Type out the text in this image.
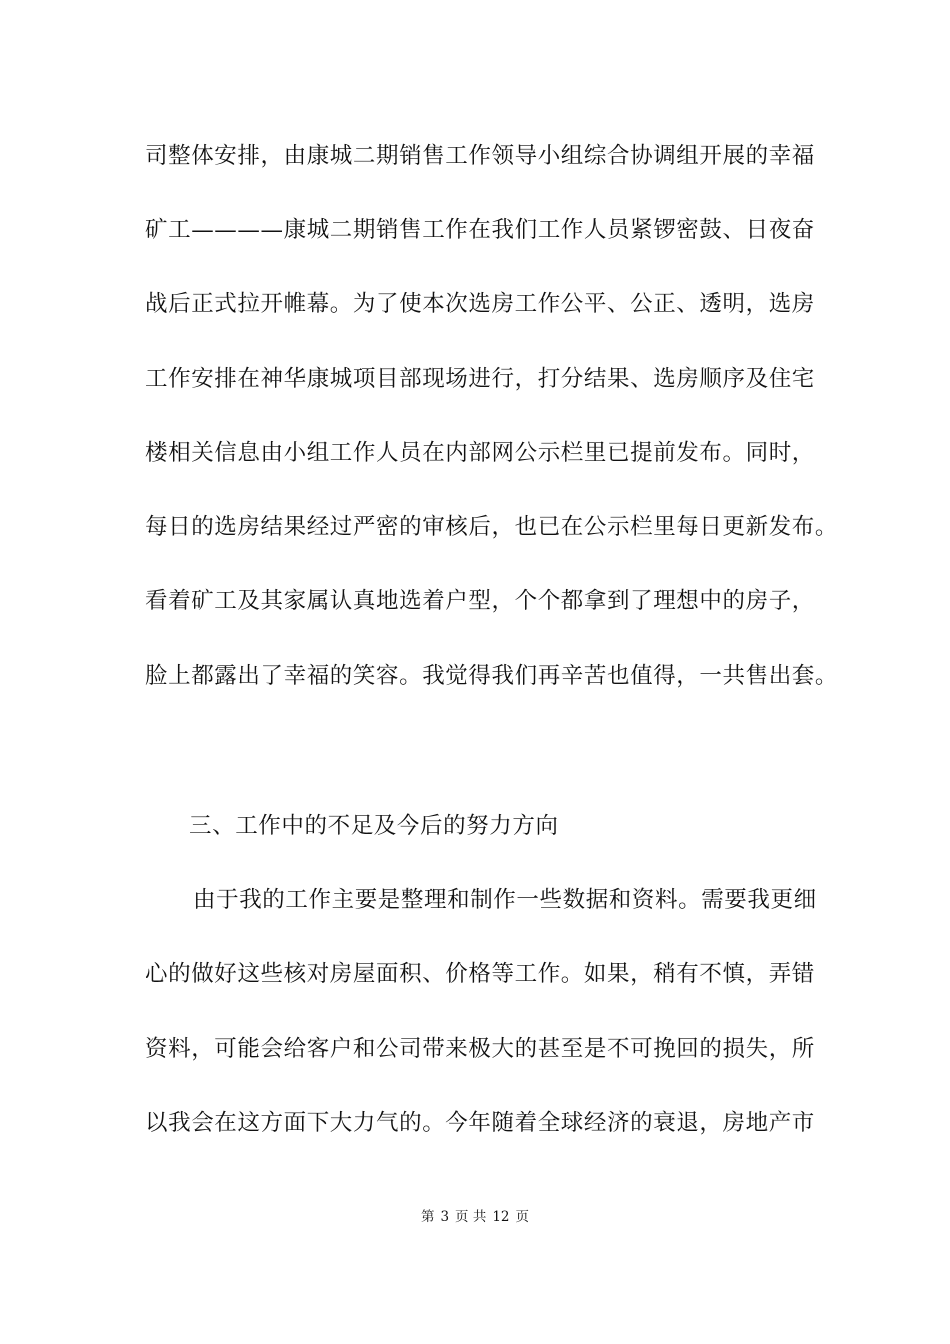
司整体安排，由康城二期销售工作领导小组综合协调组开展的幸福
矿工————康城二期销售工作在我们工作人员紧锣密鼓、日夜奋
战后正式拉开帷幕。为了使本次选房工作公平、公正、透明，选房
工作安排在神华康城项目部现场进行，打分结果、选房顺序及住宅
楼相关信息由小组工作人员在内部网公示栏里已提前发布。同时，
每日的选房结果经过严密的审核后，也已在公示栏里每日更新发布。
看着矿工及其家属认真地选着户型，个个都拿到了理想中的房子，
脸上都露出了幸福的笑容。我觉得我们再辛苦也值得，一共售出套。
三、工作中的不足及今后的努力方向
由于我的工作主要是整理和制作一些数据和资料。需要我更细
心的做好这些核对房屋面积、价格等工作。如果，稍有不慎，弄错
资料，可能会给客户和公司带来极大的甚至是不可挽回的损失，所
以我会在这方面下大力气的。今年随着全球经济的衰退，房地产市
第 3 页 共 12 页
